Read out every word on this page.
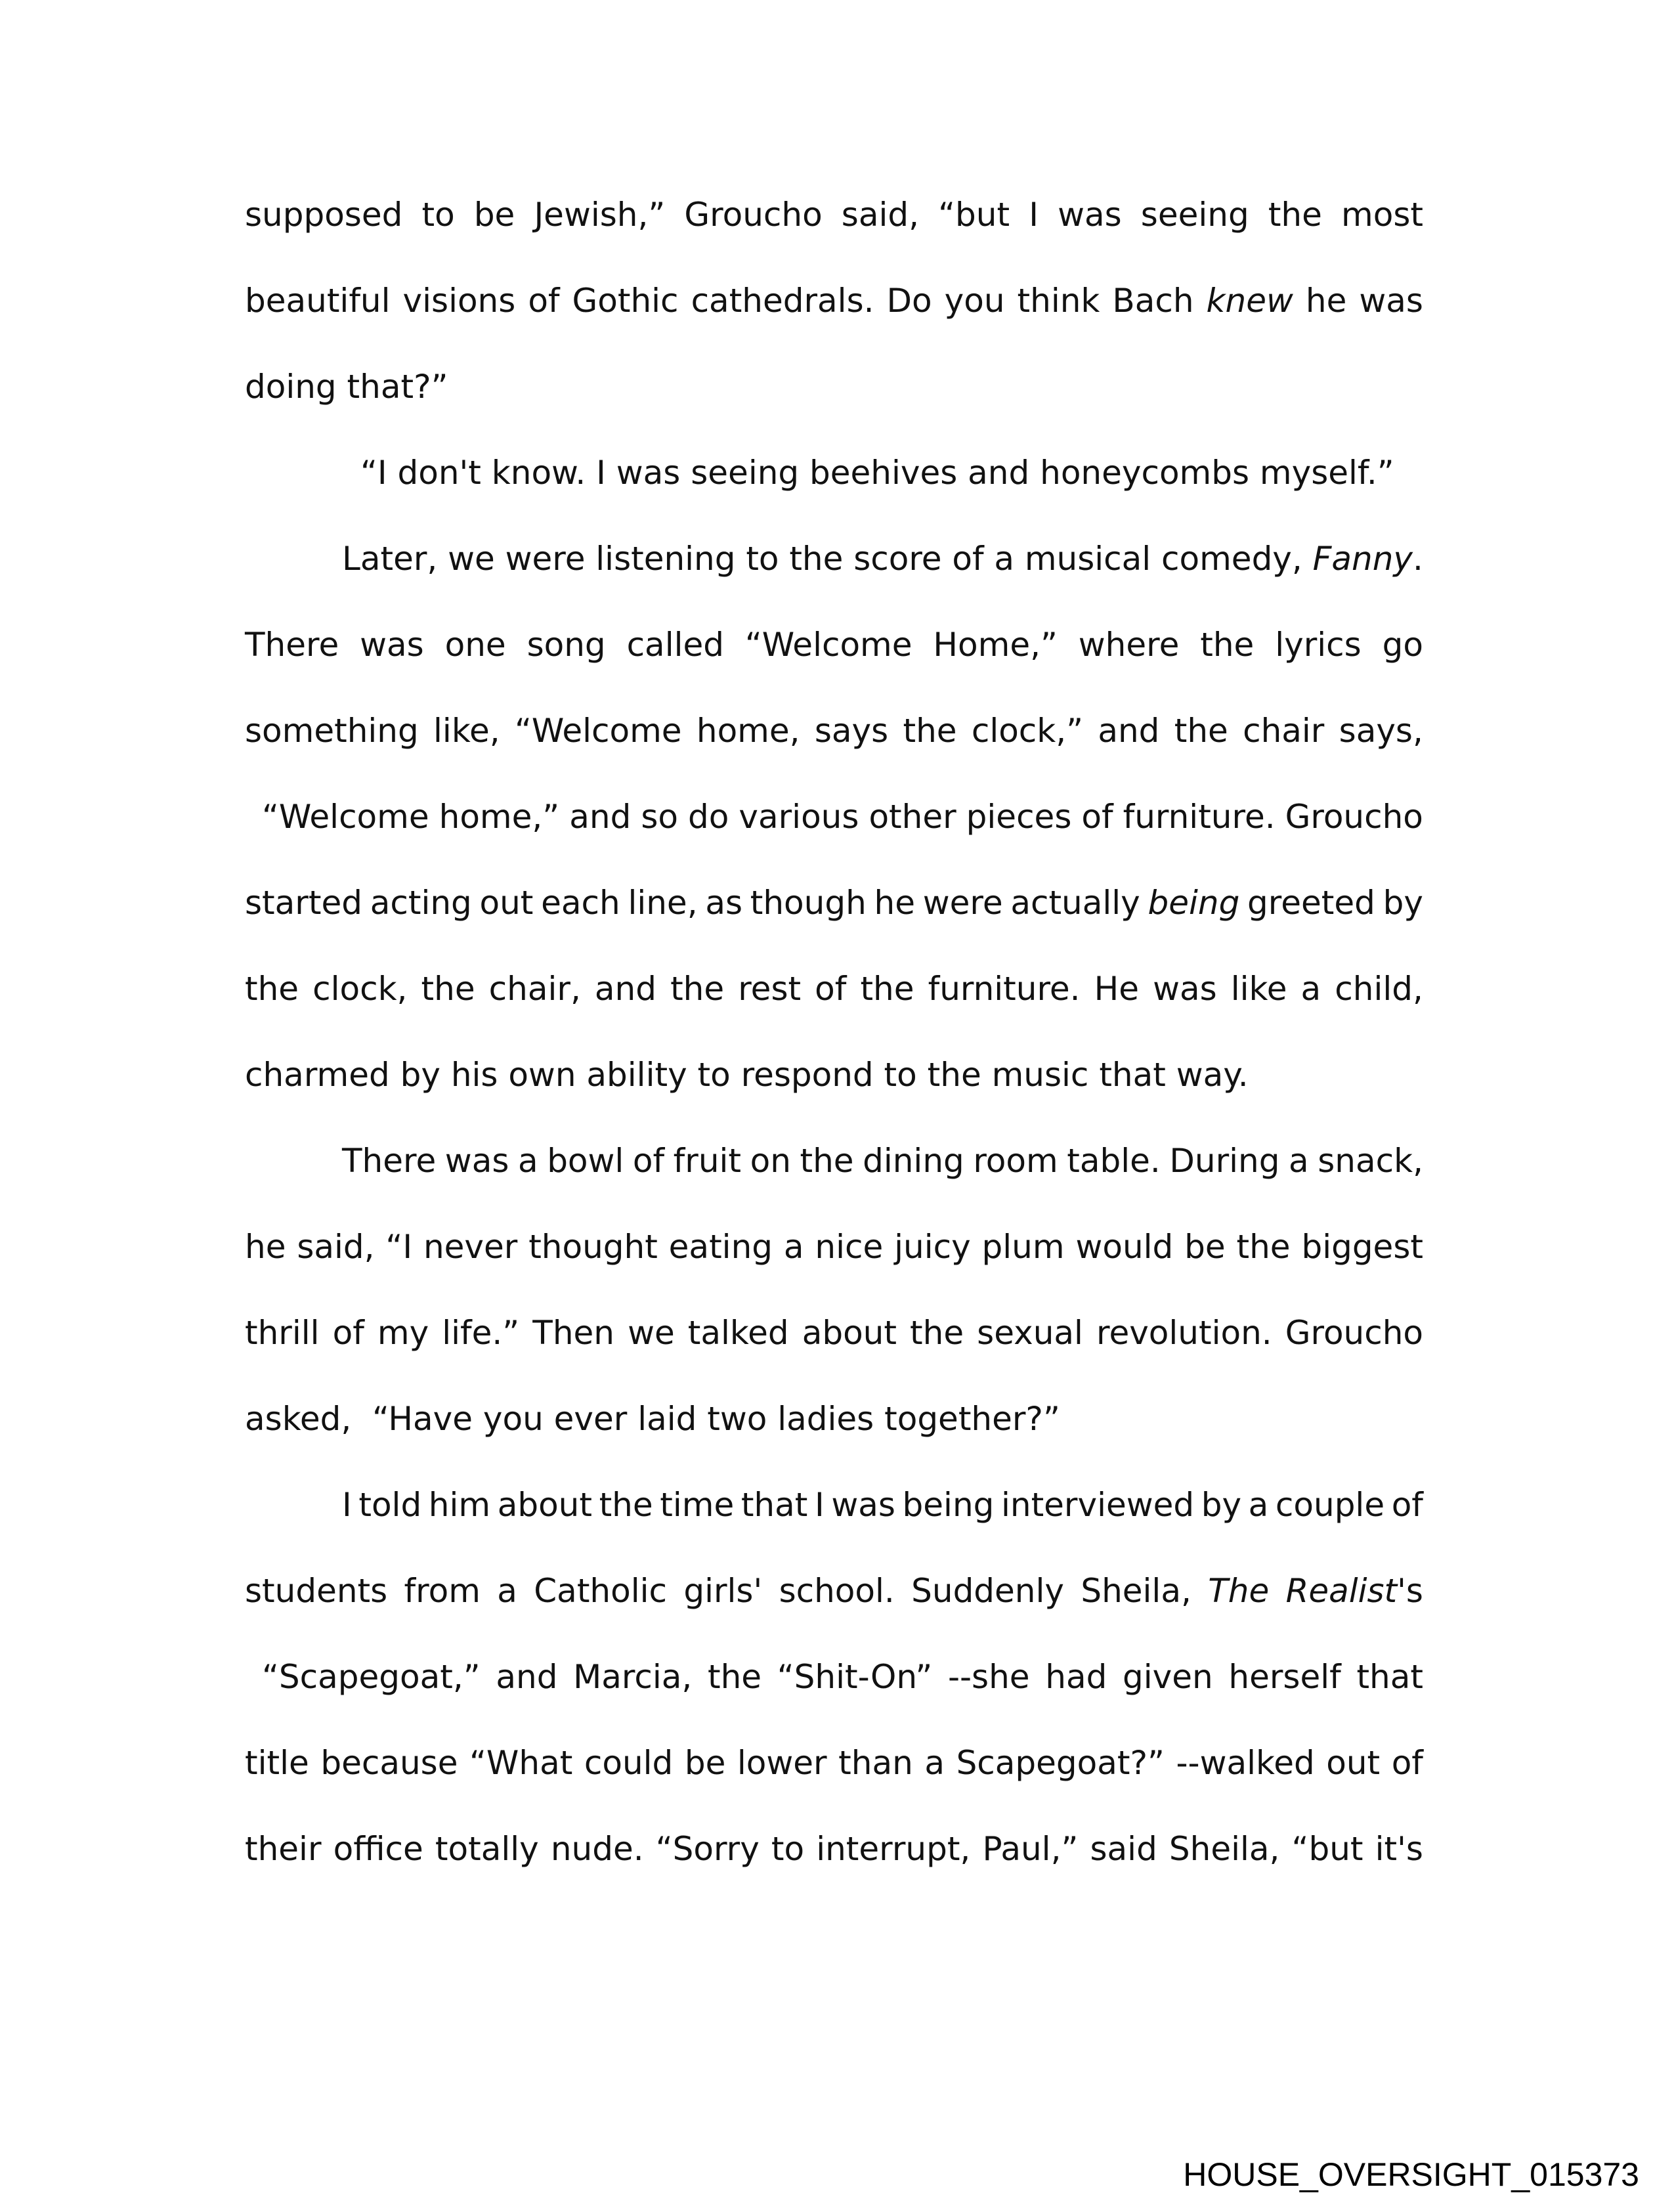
supposed to be Jewish,” Groucho said, “but I was seeing the most
beautiful visions of Gothic cathedrals. Do you think Bach knew he was
doing that?”
“I don't know. I was seeing beehives and honeycombs myself.”
Later, we were listening to the score of a musical comedy, Fanny.
There was one song called “Welcome Home,” where the lyrics go
something like, “Welcome home, says the clock,” and the chair says,
“Welcome home,” and so do various other pieces of furniture. Groucho
started acting out each line, as though he were actually being greeted by
the clock, the chair, and the rest of the furniture. He was like a child,
charmed by his own ability to respond to the music that way.
There was a bowl of fruit on the dining room table. During a snack,
he said, “I never thought eating a nice juicy plum would be the biggest
thrill of my life.” Then we talked about the sexual revolution. Groucho
asked,  “Have you ever laid two ladies together?”
I told him about the time that I was being interviewed by a couple of
students from a Catholic girls' school. Suddenly Sheila, The Realist's
“Scapegoat,” and Marcia, the “Shit-On” --she had given herself that
title because “What could be lower than a Scapegoat?” --walked out of
their office totally nude. “Sorry to interrupt, Paul,” said Sheila, “but it's
HOUSE_OVERSIGHT_015373
